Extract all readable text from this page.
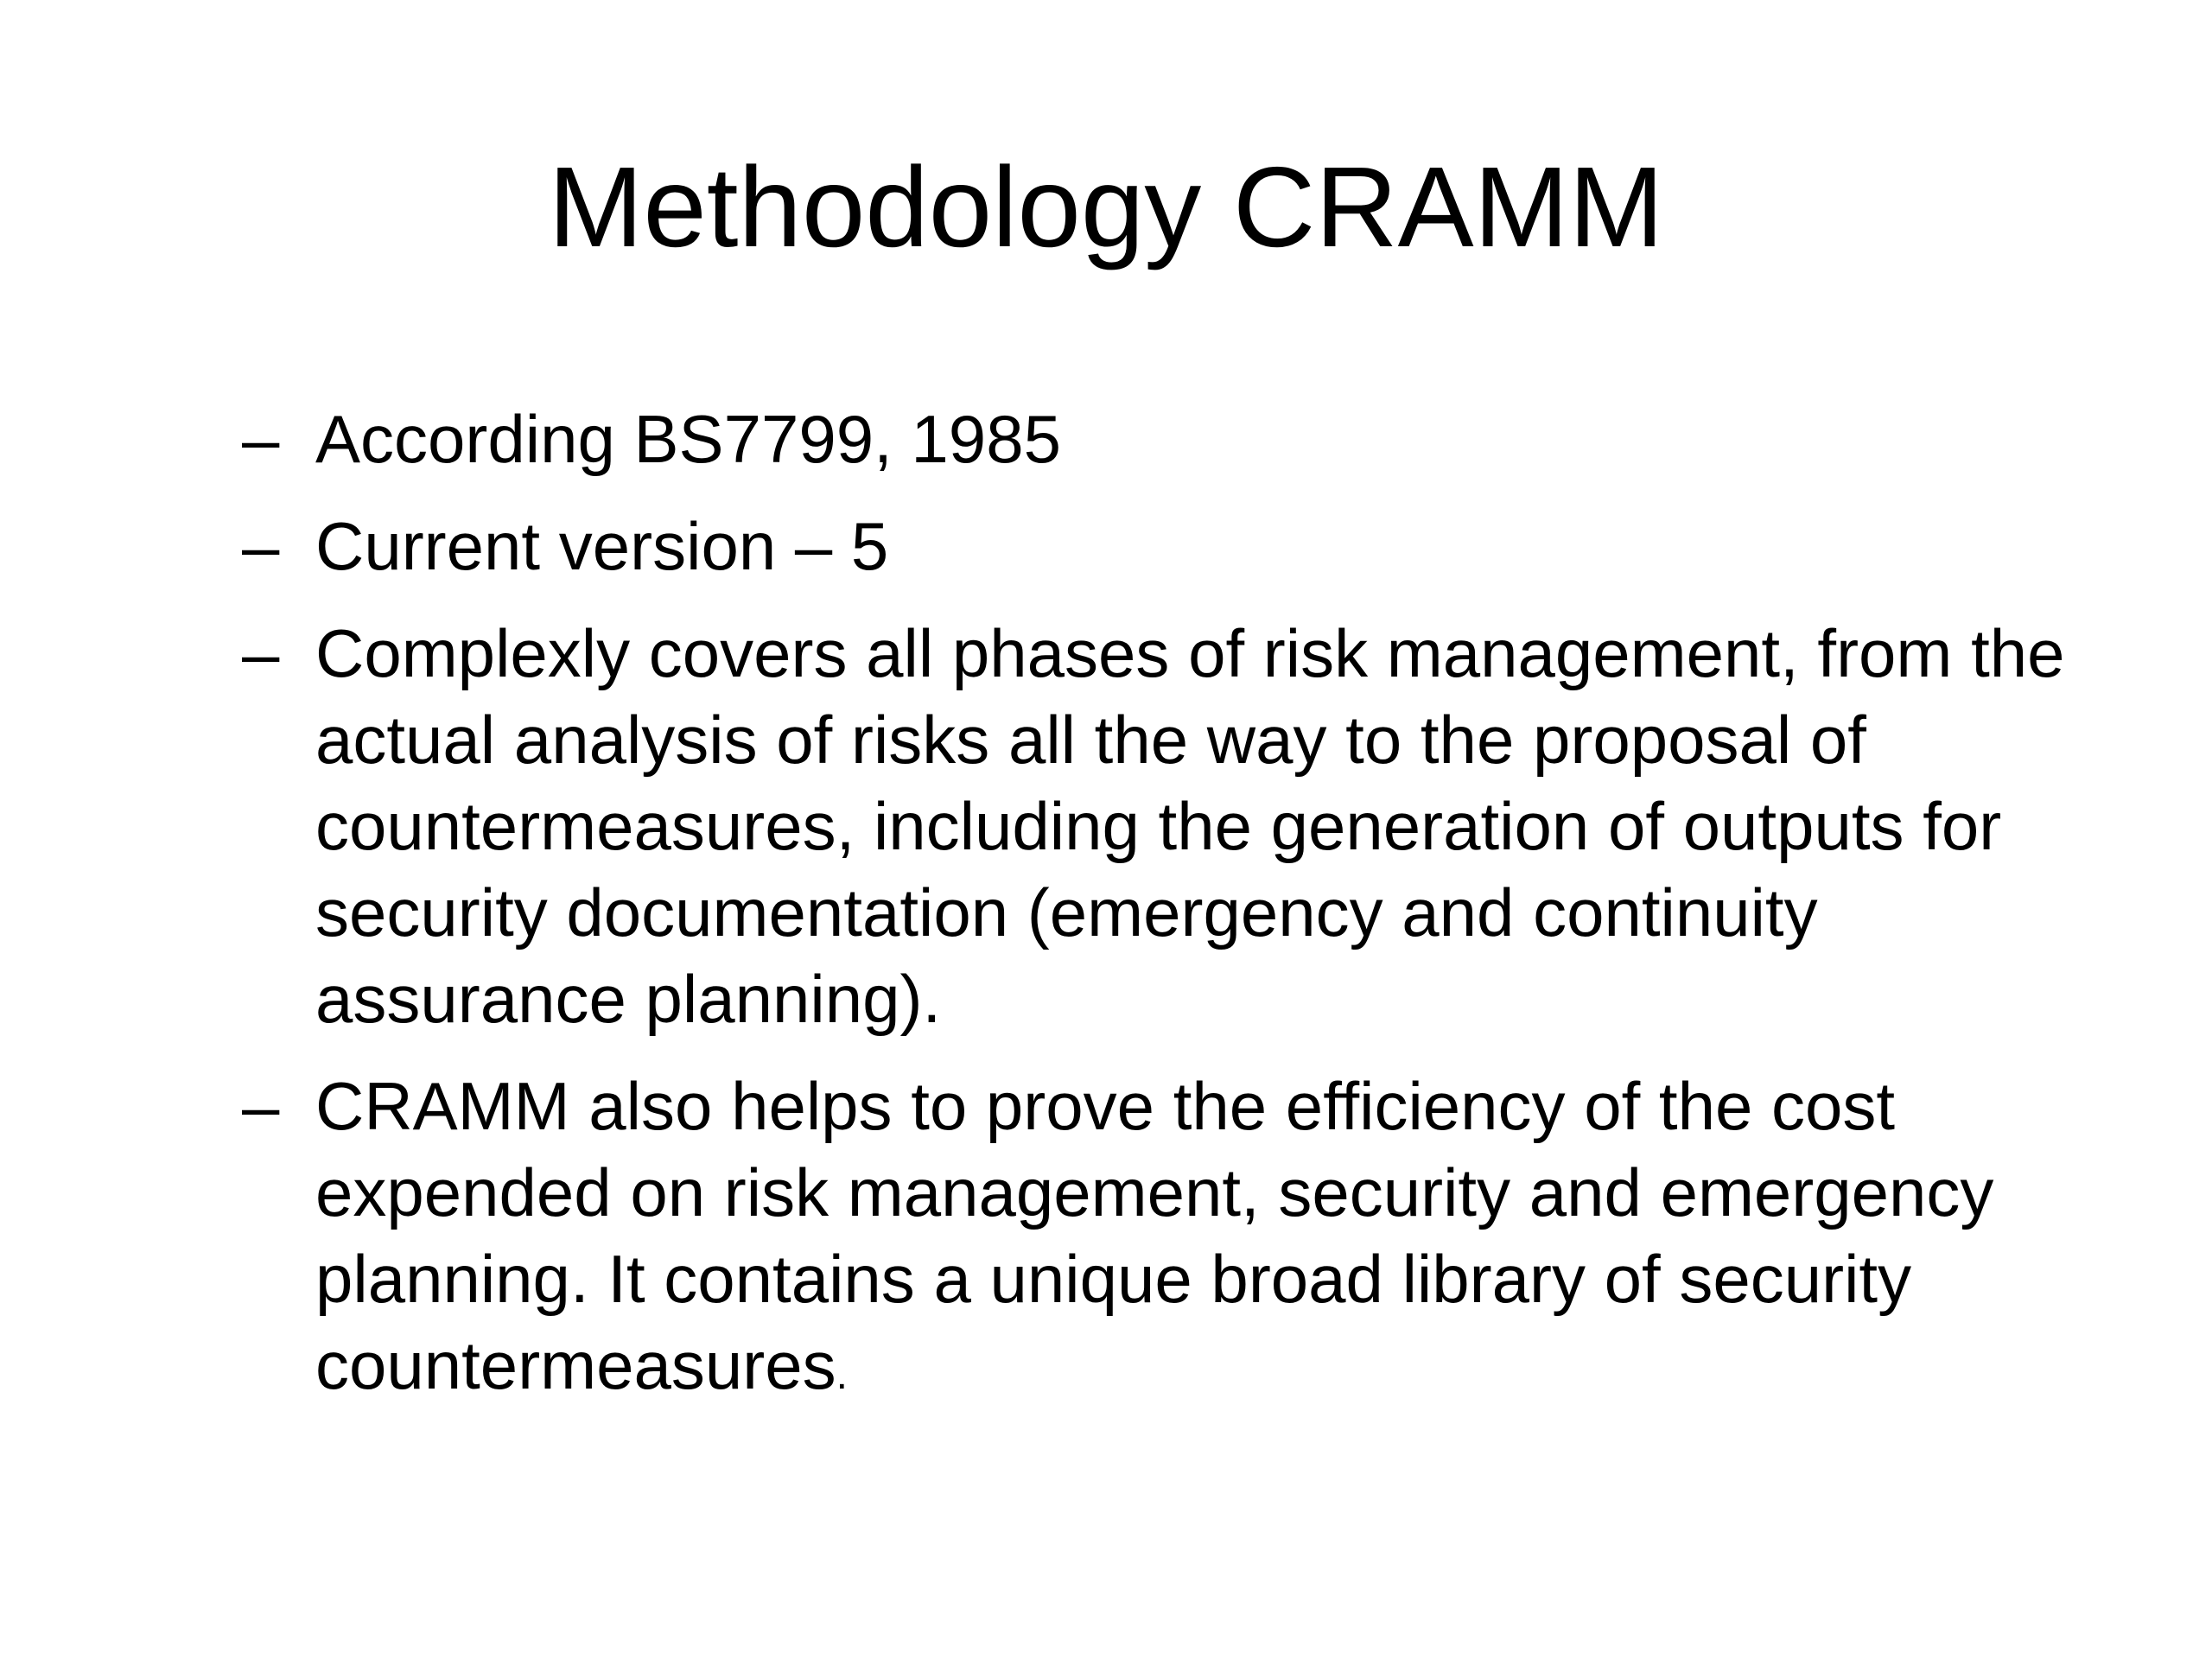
Methodology CRAMM
– According BS7799, 1985
– Current version – 5
– Complexly covers all phases of risk management, from the actual analysis of risks all the way to the proposal of countermeasures, including the generation of outputs for security documentation (emergency and continuity assurance planning).
– CRAMM also helps to prove the efficiency of the cost expended on risk management, security and emergency planning. It contains a unique broad library of security countermeasures.
